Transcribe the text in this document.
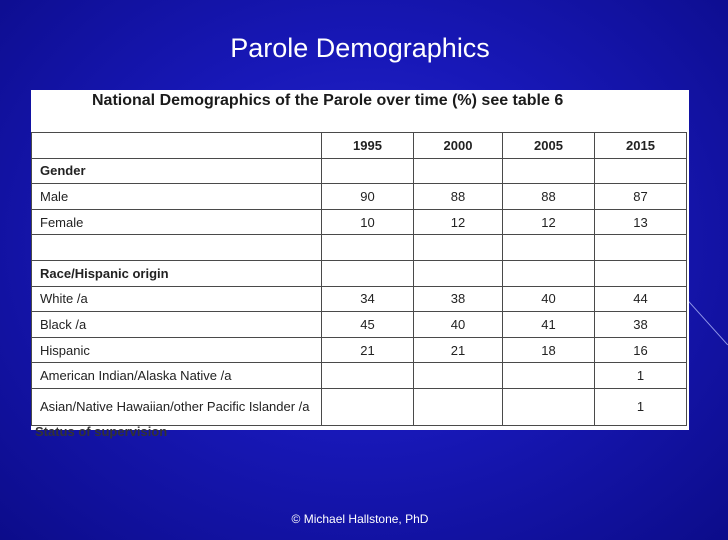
Parole Demographics
National Demographics of the Parole over time (%) see table 6
	1995	2000	2005	2015
Gender				
Male	90	88	88	87
Female	10	12	12	13

Race/Hispanic origin				
White /a	34	38	40	44
Black /a	45	40	41	38
Hispanic	21	21	18	16
American Indian/Alaska Native /a				1
Asian/Native Hawaiian/other Pacific Islander /a				1
Status of supervision
© Michael Hallstone, PhD
